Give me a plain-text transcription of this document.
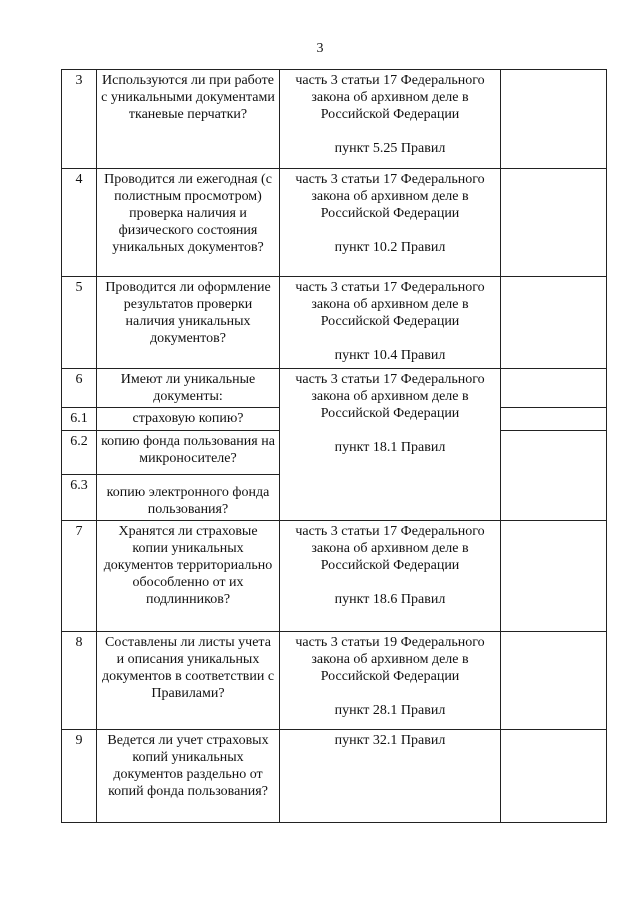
3
3	Используются ли при работе с уникальными документами тканевые перчатки?	часть 3 статьи 17 Федерального закона об архивном деле в Российской Федерации
пункт 5.25 Правил	

4	Проводится ли ежегодная (с полистным просмотром) проверка наличия и физического состояния уникальных документов?	часть 3 статьи 17 Федерального закона об архивном деле в Российской Федерации
пункт 10.2 Правил	

5	Проводится ли оформление результатов проверки наличия уникальных документов?	часть 3 статьи 17 Федерального закона об архивном деле в Российской Федерации
пункт 10.4 Правил	

6	Имеют ли уникальные документы:	часть 3 статьи 17 Федерального закона об архивном деле в Российской Федерации
пункт 18.1 Правил	

6.1	страховую копию?		
6.2	копию фонда пользования на микроносителе?		
6.3	копию электронного фонда пользования?		
7	Хранятся ли страховые копии уникальных документов территориально обособленно от их подлинников?	часть 3 статьи 17 Федерального закона об архивном деле в Российской Федерации
пункт 18.6 Правил	

8	Составлены ли листы учета и описания уникальных документов в соответствии с Правилами?	часть 3 статьи 19 Федерального закона об архивном деле в Российской Федерации
пункт 28.1 Правил	

9	Ведется ли учет страховых копий уникальных документов раздельно от копий фонда пользования?	пункт 32.1 Правил	
